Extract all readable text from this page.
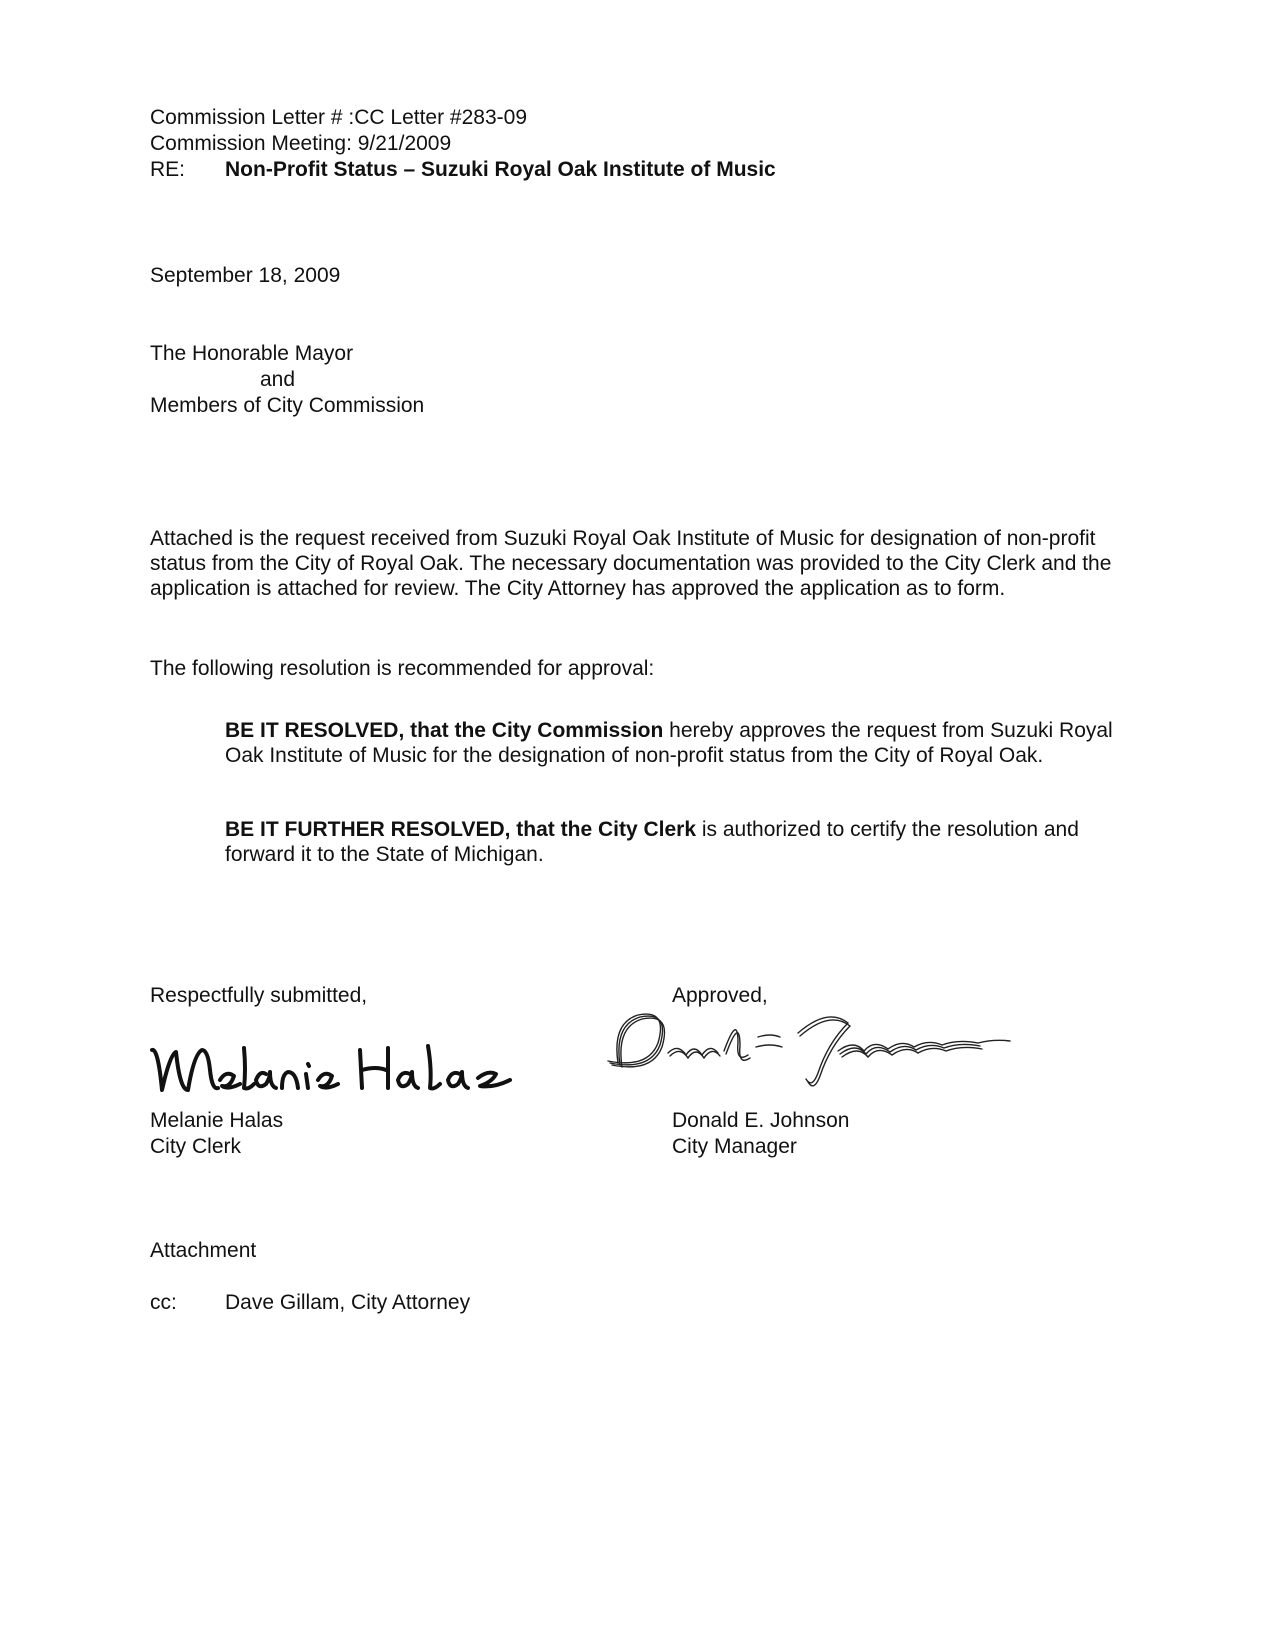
Commission Letter # :CC Letter #283-09
Commission Meeting: 9/21/2009
RE: Non-Profit Status – Suzuki Royal Oak Institute of Music
September 18, 2009
The Honorable Mayor
and
Members of City Commission
Attached is the request received from Suzuki Royal Oak Institute of Music for designation of non-profit status from the City of Royal Oak. The necessary documentation was provided to the City Clerk and the application is attached for review. The City Attorney has approved the application as to form.
The following resolution is recommended for approval:
BE IT RESOLVED, that the City Commission hereby approves the request from Suzuki Royal Oak Institute of Music for the designation of non-profit status from the City of Royal Oak.
BE IT FURTHER RESOLVED, that the City Clerk is authorized to certify the resolution and forward it to the State of Michigan.
Respectfully submitted,	Approved,
Melanie Halas
City Clerk
Donald E. Johnson
City Manager
Attachment
cc: Dave Gillam, City Attorney
